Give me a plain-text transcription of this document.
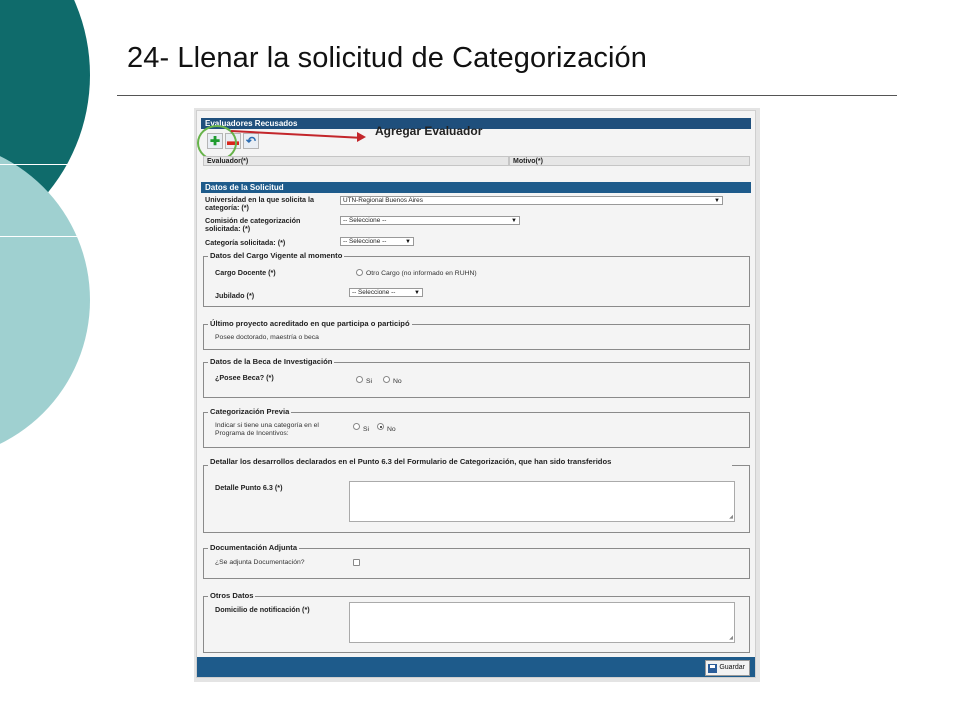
24- Llenar la solicitud de Categorización
Evaluadores Recusados
✚ ▬ ↶
Agregar Evaluador
Evaluador(*)	Motivo(*)
Datos de la Solicitud
Universidad en la que solicita la categoría: (*)
UTN-Regional Buenos Aires	▼
Comisión de categorización solicitada: (*)
-- Seleccione --	▼
Categoría solicitada: (*)	-- Seleccione --	▼
Datos del Cargo Vigente al momento
Cargo Docente (*)	Otro Cargo (no informado en RUHN)
Jubilado (*)	-- Seleccione --	▼
Último proyecto acreditado en que participa o participó
Posee doctorado, maestría o beca
Datos de la Beca de Investigación
¿Posee Beca? (*)	Si	No
Categorización Previa
Indicar si tiene una categoría en el Programa de Incentivos:
Si	No
Detallar los desarrollos declarados en el Punto 6.3 del Formulario de Categorización, que han sido transferidos
Detalle Punto 6.3 (*)
◢
Documentación Adjunta
¿Se adjunta Documentación?
Otros Datos
Domicilio de notificación (*)
◢
Guardar
